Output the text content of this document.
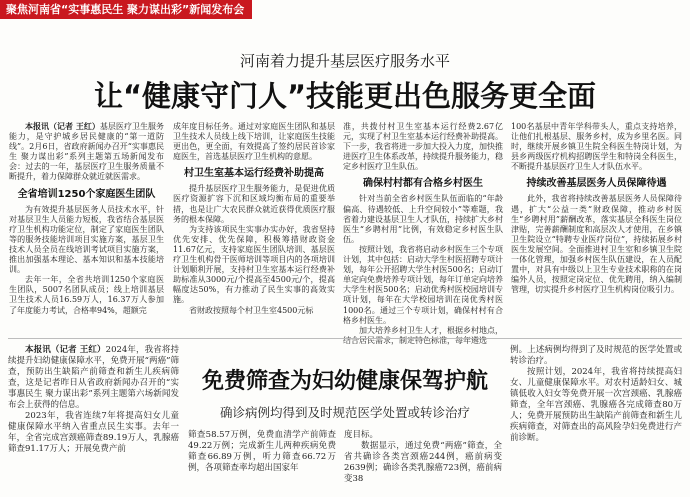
聚焦河南省“实事惠民生 聚力谋出彩”新闻发布会
河南着力提升基层医疗服务水平
让“健康守门人”技能更出色服务更全面

本报讯（记者 王红）基层医疗卫生服务能力，是守护城乡居民健康的“第一道防线”。2月6日，省政府新闻办召开“实事惠民生 聚力谋出彩”系列主题第五场新闻发布会：过去的一年，基层医疗卫生服务质量不断提升，着力保障群众就近就医需求。

全省培训1250个家庭医生团队

为有效提升基层医务人员技术水平，针对基层卫生人员能力短板，我省结合基层医疗卫生机构功能定位，制定了家庭医生团队等的服务技能培训项目实施方案，基层卫生技术人员全员在线培训考试项目实施方案，推出加强基本理论、基本知识和基本技能培训。

去年一年，全省共培训1250个家庭医生团队，5007名团队成员；线上培训基层卫生技术人员16.59万人，16.37万人参加了年度能力考试，合格率94%，超额完

成年度目标任务。通过对家庭医生团队和基层卫生技术人员线上线下培训，让家庭医生技能更出色，更全面，有效提高了签约居民首诊家庭医生，首选基层医疗卫生机构的意愿。

村卫生室基本运行经费补助提高

提升基层医疗卫生服务能力，是促进优质医疗资源扩容下沉和区域均衡布局的重要举措，也是让广大农民群众就近获得优质医疗服务的根本保障。

为支持该项民生实事办实办好，我省坚持优先安排、优先保障，积极筹措财政资金11.67亿元，支持家庭医生团队培训、基层医疗卫生机构骨干医师培训等项目内的各项培训计划顺利开展，支持村卫生室基本运行经费补助标准从3000元/个提高至4500元/个，提高幅度达50%，有力推动了民生实事的高效实施。

省财政按照每个村卫生室4500元标

准，共拨付村卫生室基本运行经费2.67亿元，实现了村卫生室基本运行经费补助提高。下一步，我省将进一步加大投入力度，加快推进医疗卫生体系改革，持续提升服务能力，稳定乡村医疗卫生队伍。

确保村村都有合格乡村医生

针对当前全省乡村医生队伍面临的“年龄偏高、待遇较低、上升空间较小”等难题，我省着力建设基层卫生人才队伍，持续扩大乡村医生“乡聘村用”比例，有效稳定乡村医生队伍。

按照计划，我省将启动乡村医生三个专项计划，其中包括：启动大学生村医招聘专项计划，每年公开招聘大学生村医500名；启动订单定向免费培养专项计划，每年订单定向培养大学生村医500名；启动优秀村医校园培训专项计划，每年在大学校园培训在岗优秀村医1000名。通过三个专项计划，确保村村有合格乡村医生。

加大培养乡村卫生人才，根据乡村地点，结合居民需求，制定特色标准，每年遴选

100名基层中青年学科带头人，重点支持培养，让他们扎根基层、服务乡村，成为乡里名医。同时，继续开展乡镇卫生院全科医生特岗计划，为县乡两级医疗机构招聘医学生和特岗全科医生，不断提升基层医疗卫生人才队伍水平。

持续改善基层医务人员保障待遇

此外，我省将持续改善基层医务人员保障待遇，扩大“公益一类”财政保障，推动乡村医生“乡聘村用”薪酬改革，落实基层全科医生岗位津贴，完善薪酬制度和高层次人才使用，在乡镇卫生院设立“特聘专业医疗岗位”，持续拓展乡村医生发展空间。全面推进村卫生室和乡镇卫生院一体化管理，加强乡村医生队伍建设，在人员配置中，对具有中级以上卫生专业技术职称的在岗编外人员，按照定岗定位、优先聘用，纳入编制管理，切实提升乡村医疗卫生机构岗位吸引力。

本报讯（记者 王红）2024年，我省将持续提升妇幼健康保障水平，免费开展“两癌”筛查，预防出生缺陷产前筛查和新生儿疾病筛查，这是记者昨日从省政府新闻办召开的“实事惠民生 聚力谋出彩”系列主题第六场新闻发布会上获得的信息。

2023年，我省连续7年将提高妇女儿童健康保障水平纳入省重点民生实事。去年一年，全省完成宫颈癌筛查89.19万人，乳腺癌筛查91.17万人；开展免费产前

免费筛查为妇幼健康保驾护航
确诊病例均得到及时规范医学处置或转诊治疗

筛查58.57万例，免费血清学产前筛查49.22万例；完成新生儿两种疾病免费筛查66.89万例，听力筛查66.72万例，各项筛查率均超出国家年

度目标。

数据显示，通过免费“两癌”筛查，全省共确诊各类宫颈癌244例，癌前病变2639例；确诊各类乳腺癌723例，癌前病变38

例。上述病例均得到了及时规范的医学处置或转诊治疗。

按照计划，2024年，我省将持续提高妇女、儿童健康保障水平。对农村适龄妇女、城镇低收入妇女等免费开展一次宫颈癌、乳腺癌筛查，全年宫颈癌、乳腺癌各完成筛查80万人；免费开展预防出生缺陷产前筛查和新生儿疾病筛查，对筛查出的高风险孕妇免费进行产前诊断。
